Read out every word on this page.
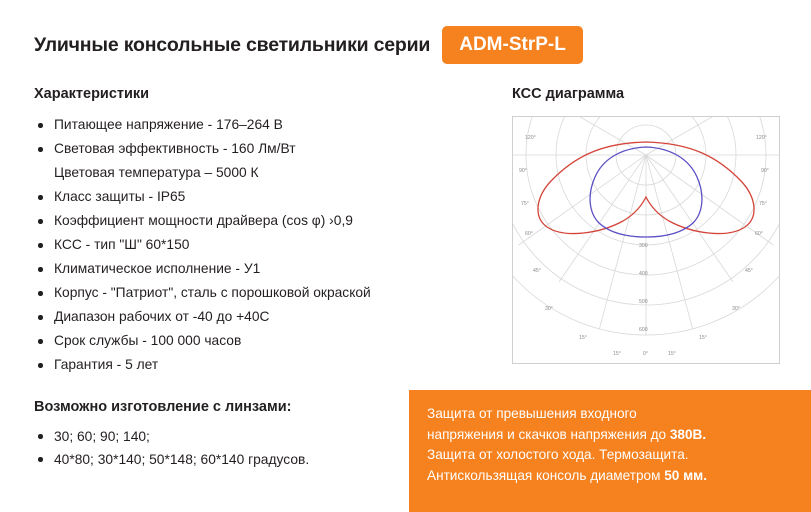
Уличные консольные светильники серии	ADM-StrP-L
Характеристики
Питающее напряжение - 176–264 В
Световая эффективность - 160 Лм/Вт
Цветовая температура – 5000 К
Класс защиты - IP65
Коэффициент мощности драйвера (cos φ) ›0,9
КСС - тип "Ш" 60*150
Климатическое исполнение - У1
Корпус - "Патриот", сталь с порошковой окраской
Диапазон рабочих от -40 до +40С
Срок службы - 100 000 часов
Гарантия - 5 лет
Возможно изготовление с линзами:
30; 60; 90; 140;
40*80; 30*140; 50*148; 60*140 градусов.
КСС диаграмма
120°
90°
75°
60°
45°
30°
15°
120°
90°
75°
60°
45°
30°
15°
300
400
500
600
15°	0°	15°

Защита от превышения входного

напряжения и скачков напряжения до 380В.

Защита от холостого хода. Термозащита.

Антискользящая консоль диаметром 50 мм.
